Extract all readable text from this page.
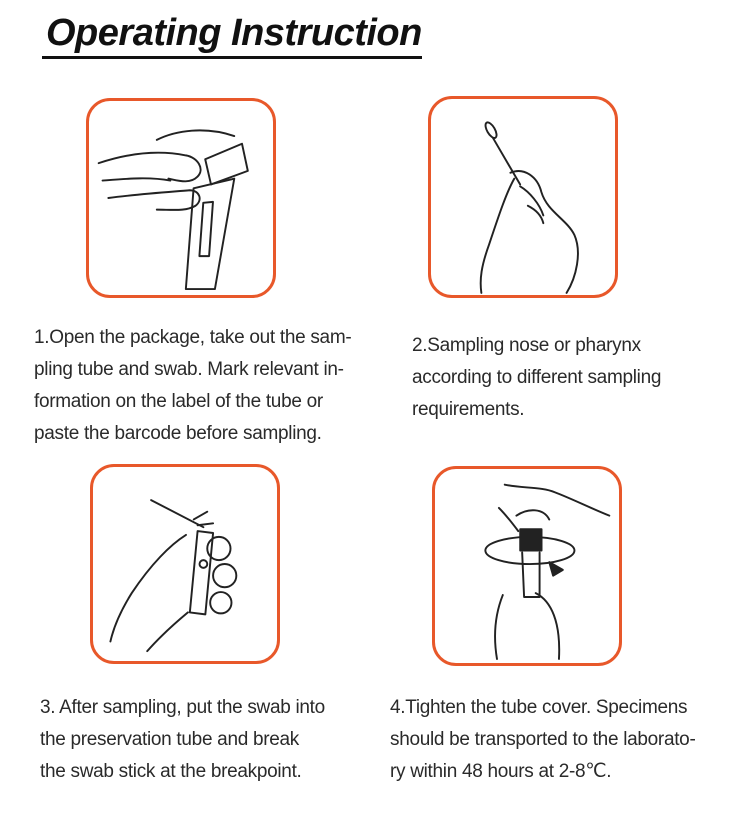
Operating Instruction
1.Open the package, take out the sam-
pling tube and swab. Mark relevant in-
formation on the label of the tube or
paste the barcode before sampling.
2.Sampling nose or pharynx
according to different sampling
requirements.
3. After sampling, put the swab into
the preservation tube and break
the swab stick at the breakpoint.
4.Tighten the tube cover. Specimens
should be transported to the laborato-
ry within 48 hours at 2-8℃.
